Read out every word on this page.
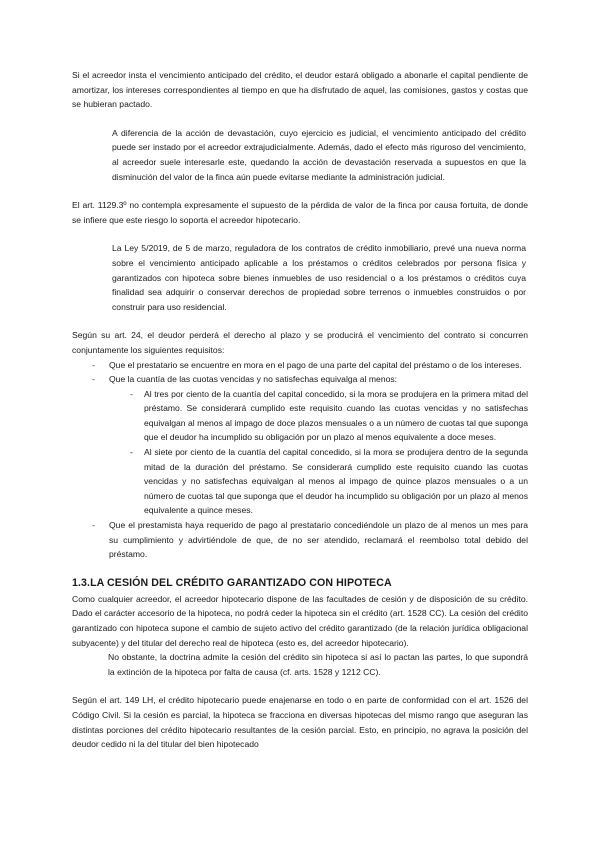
Si el acreedor insta el vencimiento anticipado del crédito, el deudor estará obligado a abonarle el capital pendiente de amortizar, los intereses correspondientes al tiempo en que ha disfrutado de aquel, las comisiones, gastos y costas que se hubieran pactado.

A diferencia de la acción de devastación, cuyo ejercicio es judicial, el vencimiento anticipado del crédito puede ser instado por el acreedor extrajudicialmente. Además, dado el efecto más riguroso del vencimiento, al acreedor suele interesarle este, quedando la acción de devastación reservada a supuestos en que la disminución del valor de la finca aún puede evitarse mediante la administración judicial.

El art. 1129.3º no contempla expresamente el supuesto de la pérdida de valor de la finca por causa fortuita, de donde se infiere que este riesgo lo soporta el acreedor hipotecario.

La Ley 5/2019, de 5 de marzo, reguladora de los contratos de crédito inmobiliario, prevé una nueva norma sobre el vencimiento anticipado aplicable a los préstamos o créditos celebrados por persona física y garantizados con hipoteca sobre bienes inmuebles de uso residencial o a los préstamos o créditos cuya finalidad sea adquirir o conservar derechos de propiedad sobre terrenos o inmuebles construidos o por construir para uso residencial.

Según su art. 24, el deudor perderá el derecho al plazo y se producirá el vencimiento del contrato si concurren conjuntamente los siguientes requisitos:

- Que el prestatario se encuentre en mora en el pago de una parte del capital del préstamo o de los intereses.
- Que la cuantía de las cuotas vencidas y no satisfechas equivalga al menos:
- Al tres por ciento de la cuantía del capital concedido, si la mora se produjera en la primera mitad del préstamo. Se considerará cumplido este requisito cuando las cuotas vencidas y no satisfechas equivalgan al menos al impago de doce plazos mensuales o a un número de cuotas tal que suponga que el deudor ha incumplido su obligación por un plazo al menos equivalente a doce meses.
- Al siete por ciento de la cuantía del capital concedido, si la mora se produjera dentro de la segunda mitad de la duración del préstamo. Se considerará cumplido este requisito cuando las cuotas vencidas y no satisfechas equivalgan al menos al impago de quince plazos mensuales o a un número de cuotas tal que suponga que el deudor ha incumplido su obligación por un plazo al menos equivalente a quince meses.
- Que el prestamista haya requerido de pago al prestatario concediéndole un plazo de al menos un mes para su cumplimiento y advirtiéndole de que, de no ser atendido, reclamará el reembolso total debido del préstamo.
1.3.LA CESIÓN DEL CRÉDITO GARANTIZADO CON HIPOTECA

Como cualquier acreedor, el acreedor hipotecario dispone de las facultades de cesión y de disposición de su crédito. Dado el carácter accesorio de la hipoteca, no podrá ceder la hipoteca sin el crédito (art. 1528 CC). La cesión del crédito garantizado con hipoteca supone el cambio de sujeto activo del crédito garantizado (de la relación jurídica obligacional subyacente) y del titular del derecho real de hipoteca (esto es, del acreedor hipotecario).

No obstante, la doctrina admite la cesión del crédito sin hipoteca si así lo pactan las partes, lo que supondrá la extinción de la hipoteca por falta de causa (cf. arts. 1528 y 1212 CC).

Según el art. 149 LH, el crédito hipotecario puede enajenarse en todo o en parte de conformidad con el art. 1526 del Código Civil. Si la cesión es parcial, la hipoteca se fracciona en diversas hipotecas del mismo rango que aseguran las distintas porciones del crédito hipotecario resultantes de la cesión parcial. Esto, en principio, no agrava la posición del deudor cedido ni la del titular del bien hipotecado
